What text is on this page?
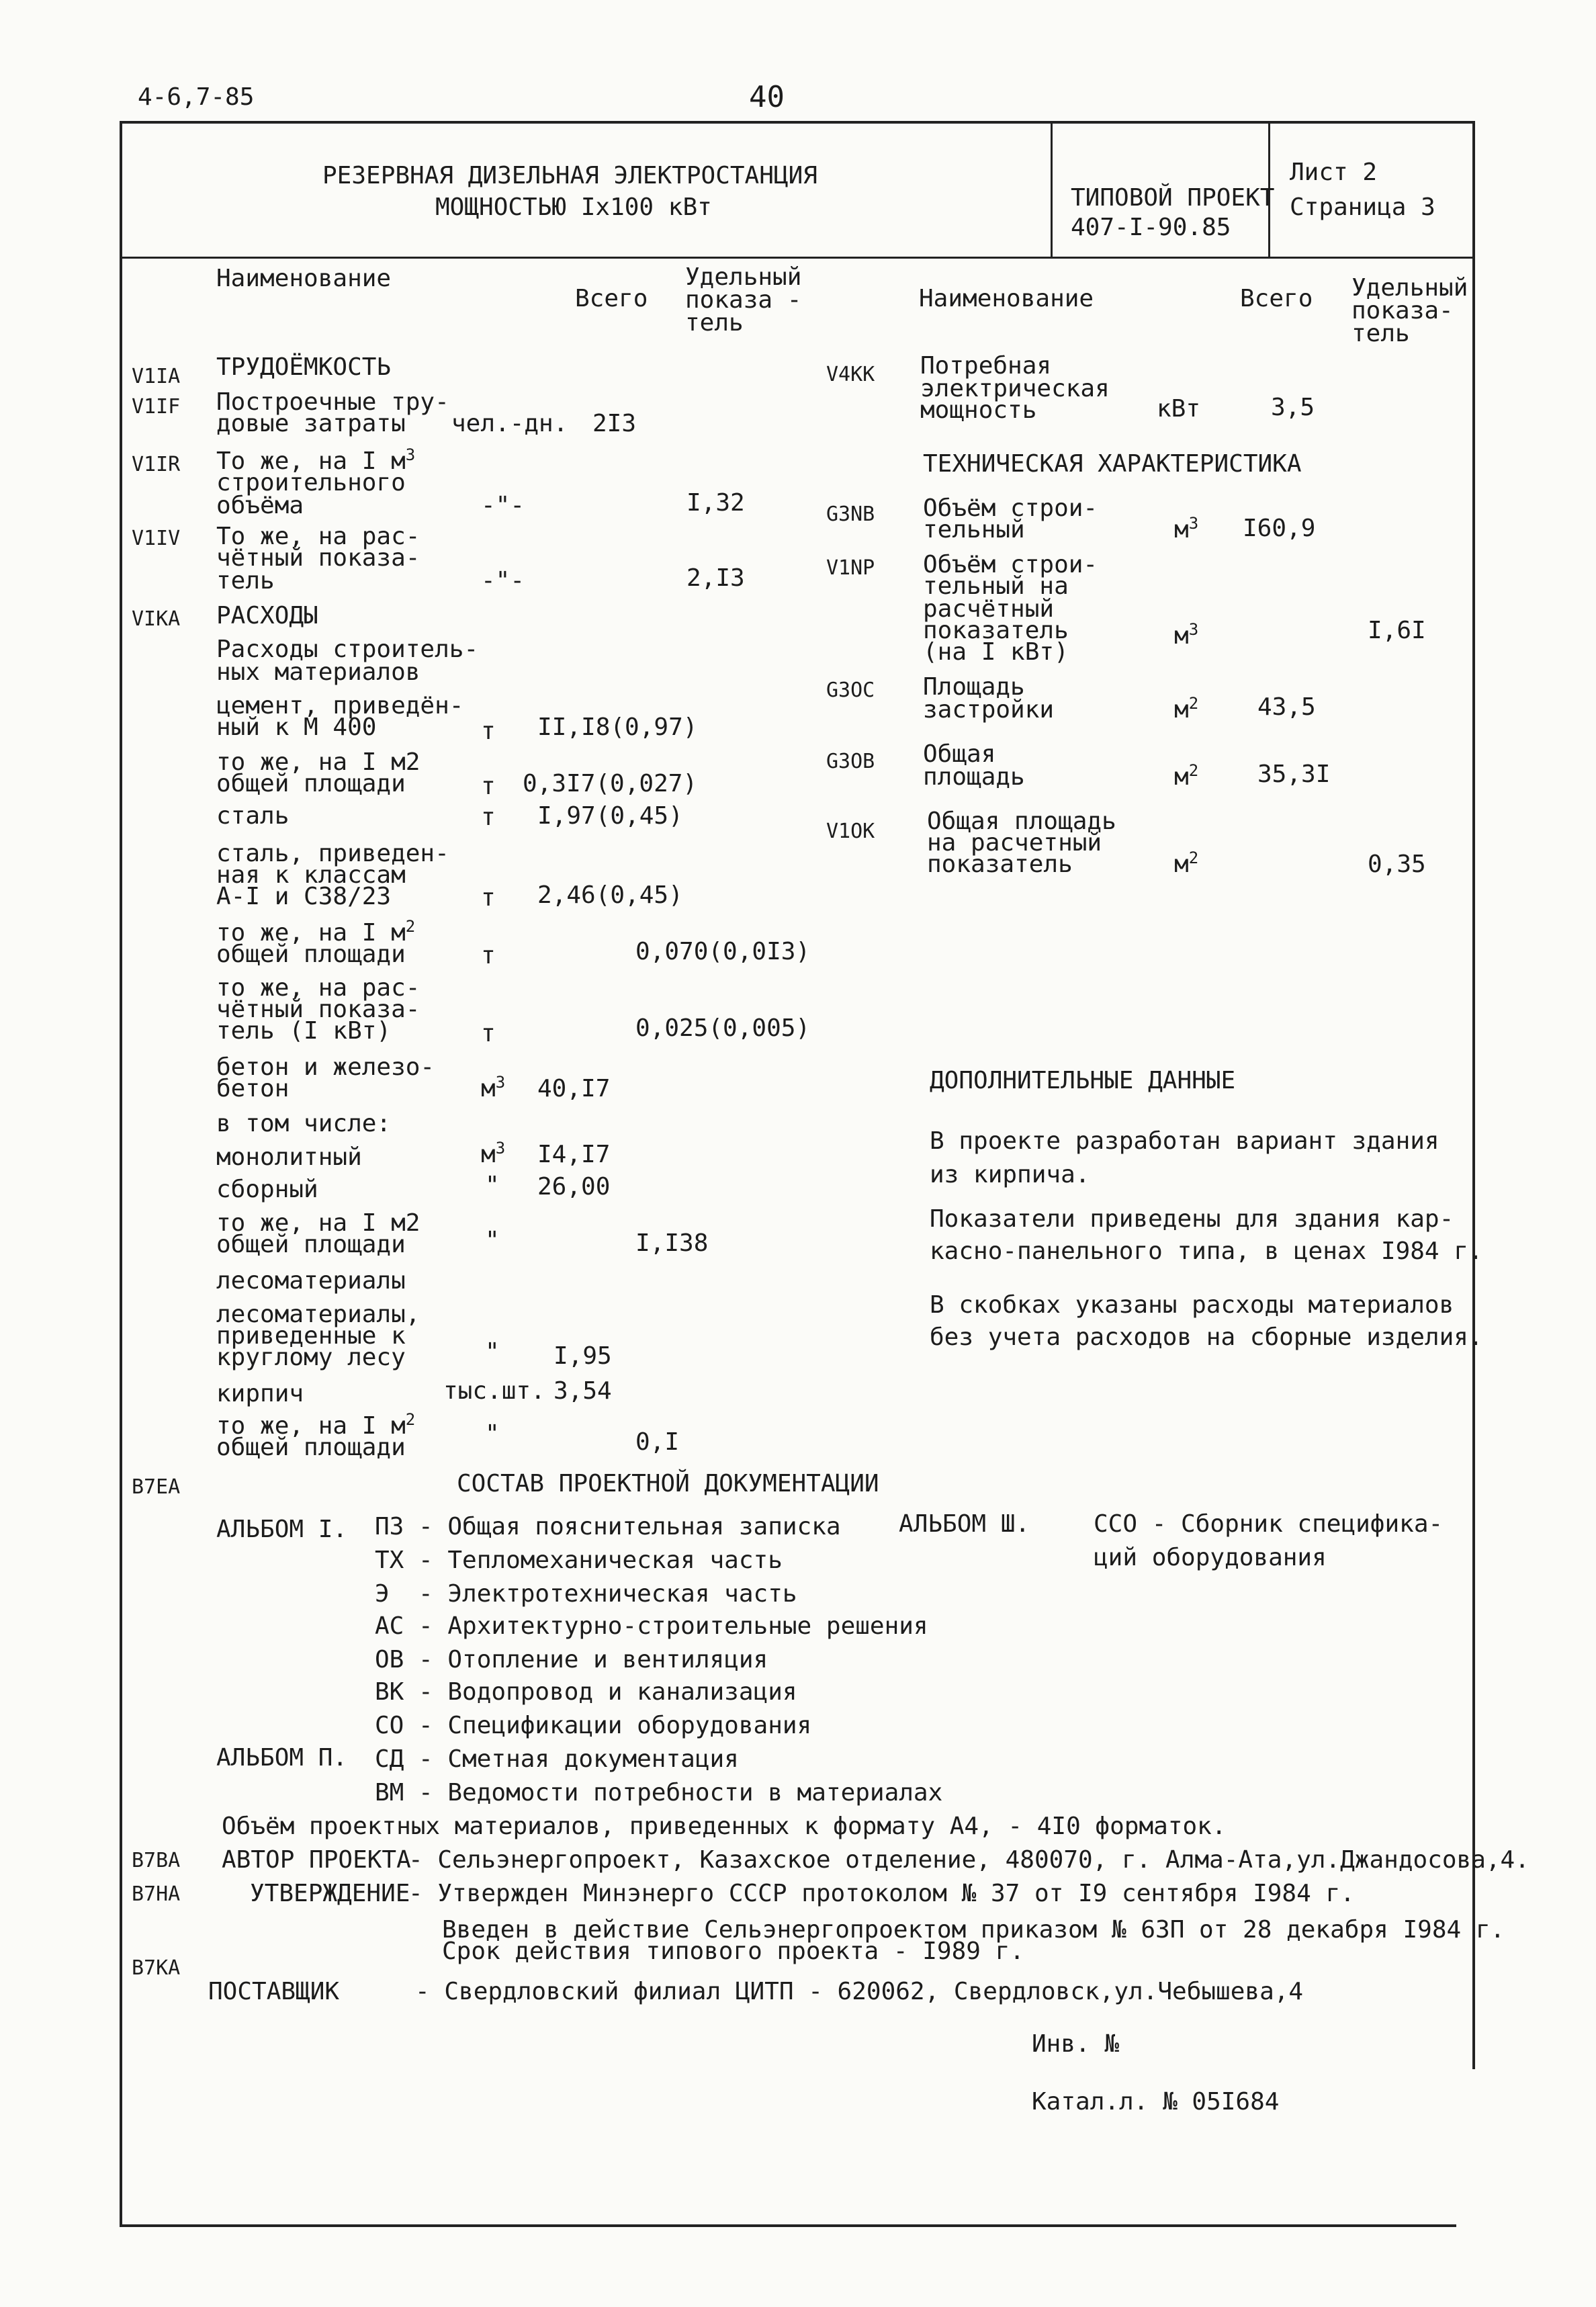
4-6,7-85	40
РЕЗЕРВНАЯ ДИЗЕЛЬНАЯ ЭЛЕКТРОСТАНЦИЯ
МОЩНОСТЬЮ Iх100 кВт	ТИПОВОЙ ПРОЕКТ
407-I-90.85
Лист 2
Страница 3
Наименование
Всего
Удельный
показа -
тель
V1IA ТРУДОЁМКОСТЬ
V1IF Построечные тру-
довые затраты чел.-дн. 2I3
V1IR То же, на I $м^3$
строительного
объёма	-"-	I,32
V1IV То же, на рас-
чётный показа-
тель	-"-	2,I3
VIKA РАСХОДЫ
Расходы строитель-
ных материалов
цемент, приведён-
ный к М 400	т II,I8(0,97)
то же, на I м2
общей площади	т 0,3I7(0,027)
сталь	т I,97(0,45)
сталь, приведен-
ная к классам
А-I и С38/23	т 2,46(0,45)
то же, на I $м^2$
общей площади	т	0,070(0,0I3)
то же, на рас-
чётный показа-
тель (I кВт)	т	0,025(0,005)
бетон и железо-
бетон	$м^3$ 40,I7
в том числе:
монолитный	$м^3$ I4,I7
сборный	" 26,00
то же, на I м2
общей площади	"	I,I38
лесоматериалы
лесоматериалы,
приведенные к
круглому лесу	" I,95
кирпич	тыс.шт. 3,54
то же, на I $м^2$
общей площади	"	0,I
Наименование	Всего Удельный
показа-
тель
V4KK Потребная
электрическая
мощность	кВт	3,5
ТЕХНИЧЕСКАЯ ХАРАКТЕРИСТИКА
G3NB Объём строи-
тельный	$м^3$ I60,9
V1NP Объём строи-
тельный на
расчётный
показатель
(на I кВт)
$м^3$	I,6I
G3OC Площадь
застройки	$м^2$ 43,5
G3OB Общая
площадь	$м^2$ 35,3I
V1OK Общая площадь
на расчетный
показатель	$м^2$	0,35
ДОПОЛНИТЕЛЬНЫЕ ДАННЫЕ
В проекте разработан вариант здания
из кирпича.
Показатели приведены для здания кар-
касно-панельного типа, в ценах I984 г.
В скобках указаны расходы материалов
без учета расходов на сборные изделия.
B7EA	СОСТАВ ПРОЕКТНОЙ ДОКУМЕНТАЦИИ
АЛЬБОМ I.
АЛЬБОМ П.
АЛЬБОМ Ш.	ССО - Сборник специфика-
ций оборудования
ПЗ - Общая пояснительная записка
ТХ - Тепломеханическая часть
Э  - Электротехническая часть
АС - Архитектурно-строительные решения
ОВ - Отопление и вентиляция
ВК - Водопровод и канализация
СО - Спецификации оборудования
СД - Сметная документация
ВМ - Ведомости потребности в материалах
Объём проектных материалов, приведенных к формату А4, - 4I0 форматок.
B7BA АВТОР ПРОЕКТА
- Сельэнергопроект, Казахское отделение, 480070, г. Алма-Ата,ул.Джандосова,4.
B7HA	УТВЕРЖДЕНИЕ
- Утвержден Минэнерго СССР протоколом № 37 от I9 сентября I984 г.
Введен в действие Сельэнергопроектом приказом № 63П от 28 декабря I984 г.
Срок действия типового проекта - I989 г.
B7KA
ПОСТАВЩИК	- Свердловский филиал ЦИТП - 620062, Свердловск,ул.Чебышева,4
Инв. №
Катал.л. № 05I684
